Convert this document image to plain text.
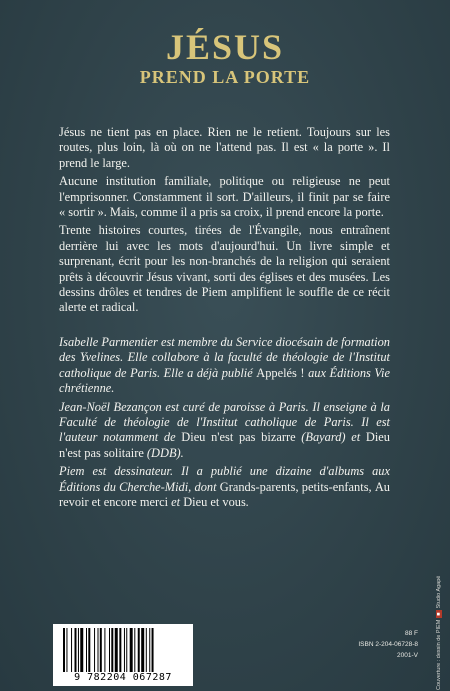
JÉSUS
PREND LA PORTE

Jésus ne tient pas en place. Rien ne le retient. Toujours sur les routes, plus loin, là où on ne l'attend pas. Il est « la porte ». Il prend le large.

Aucune institution familiale, politique ou religieuse ne peut l'emprisonner. Constamment il sort. D'ailleurs, il finit par se faire « sortir ». Mais, comme il a pris sa croix, il prend encore la porte.

Trente histoires courtes, tirées de l'Évangile, nous entraînent derrière lui avec les mots d'aujourd'hui. Un livre simple et surprenant, écrit pour les non-branchés de la religion qui seraient prêts à découvrir Jésus vivant, sorti des églises et des musées. Les dessins drôles et tendres de Piem amplifient le souffle de ce récit alerte et radical.

Isabelle Parmentier est membre du Service diocésain de formation des Yvelines. Elle collabore à la faculté de théologie de l'Institut catholique de Paris. Elle a déjà publié Appelés ! aux Éditions Vie chrétienne.

Jean-Noël Bezançon est curé de paroisse à Paris. Il enseigne à la Faculté de théologie de l'Institut catholique de Paris. Il est l'auteur notamment de Dieu n'est pas bizarre (Bayard) et Dieu n'est pas solitaire (DDB).

Piem est dessinateur. Il a publié une dizaine d'albums aux Éditions du Cherche-Midi, dont Grands-parents, petits-enfants, Au revoir et encore merci et Dieu et vous.

9 782204 067287
88 F
ISBN 2-204-06728-8
2001-V	Couverture : dessin de PIEM■Studio Agapé
